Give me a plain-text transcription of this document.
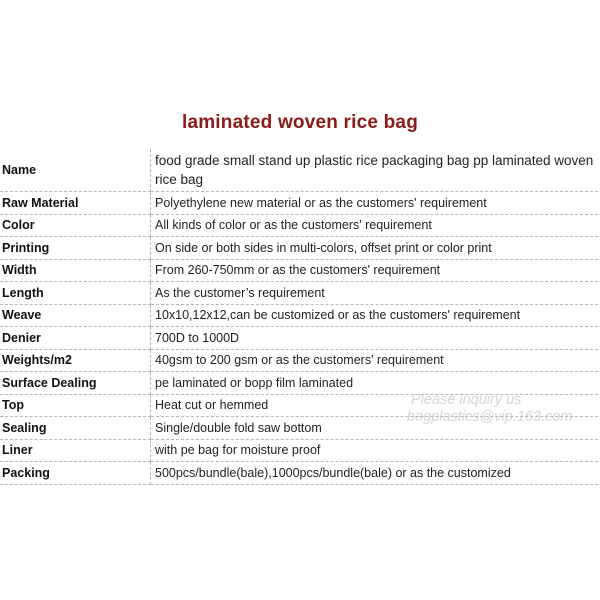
laminated woven rice bag
Name	food grade small stand up plastic rice packaging bag pp laminated woven rice bag
Raw Material	Polyethylene new material or as the customers' requirement
Color	All kinds of color or as the customers' requirement
Printing	On side or both sides in multi-colors, offset print or color print
Width	From 260-750mm or as the customers' requirement
Length	As the customer’s requirement
Weave	10x10,12x12,can be customized or as the customers' requirement
Denier	700D to 1000D
Weights/m2	40gsm to 200 gsm or as the customers' requirement
Surface Dealing	pe laminated or bopp film laminated
Top	Heat cut or hemmed
Sealing	Single/double fold saw bottom
Liner	with pe bag for moisture proof
Packing	500pcs/bundle(bale),1000pcs/bundle(bale) or as the customized
Please inquiry us
bagplastics@vip.163.com
